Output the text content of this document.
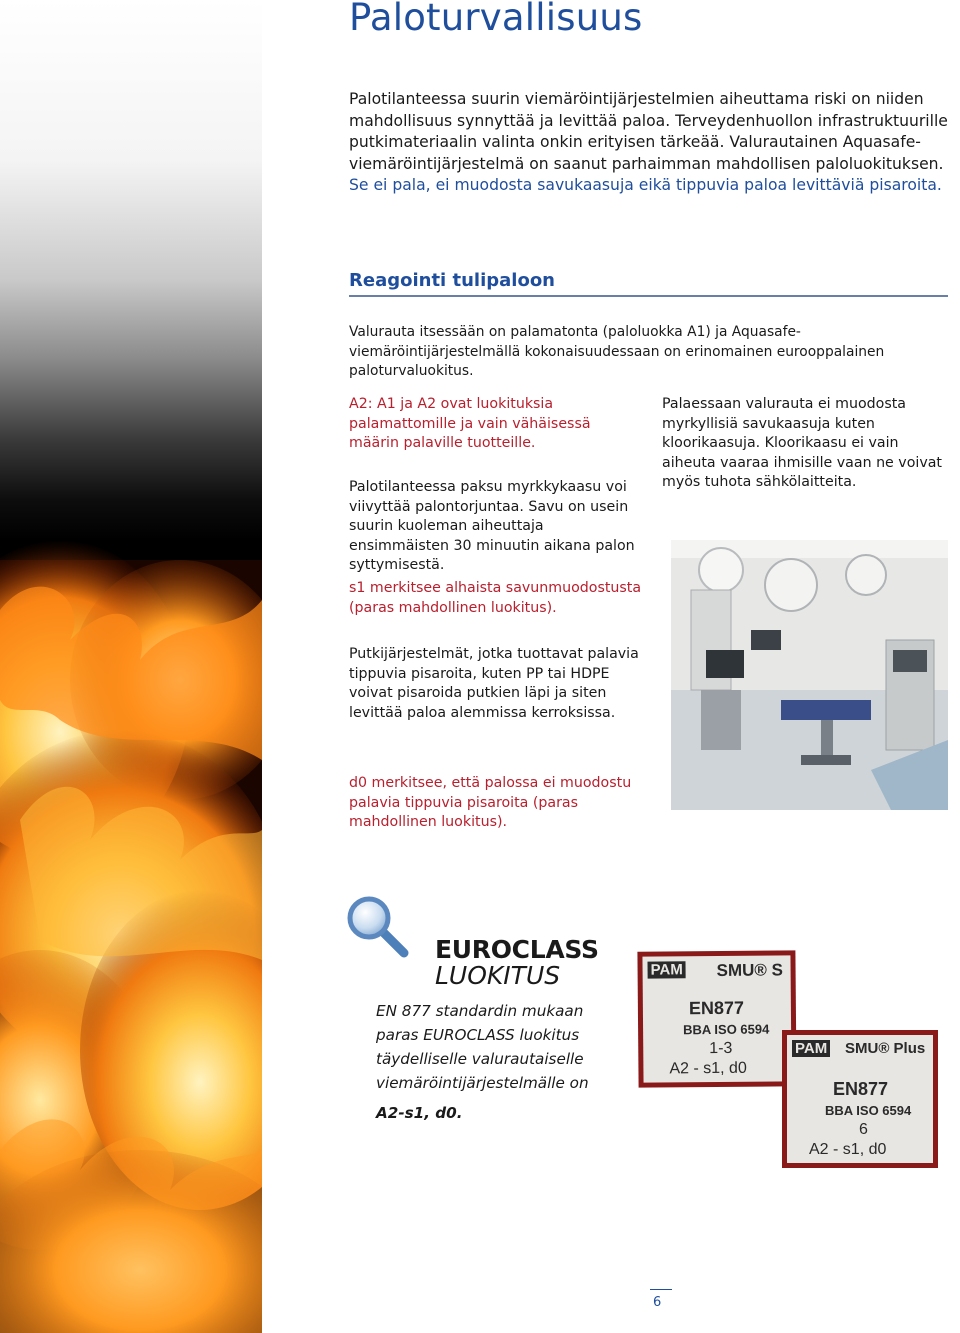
Paloturvallisuus
Palotilanteessa suurin viemäröintijärjestelmien aiheuttama riski on niiden mahdollisuus synnyttää ja levittää paloa. Terveydenhuollon infrastruktuurille putkimateriaalin valinta onkin erityisen tärkeää. Valurautainen Aquasafe-viemäröintijärjestelmä on saanut parhaimman mahdollisen paloluokituksen. Se ei pala, ei muodosta savukaasuja eikä tippuvia paloa levittäviä pisaroita.
Reagointi tulipaloon
Valurauta itsessään on palamatonta (paloluokka A1) ja Aquasafe-viemäröintijärjestelmällä kokonaisuudessaan on erinomainen eurooppalainen paloturvaluokitus.
A2: A1 ja A2 ovat luokituksia palamattomille ja vain vähäisessä määrin palaville tuotteille.
Palotilanteessa paksu myrkkykaasu voi viivyttää palontorjuntaa. Savu on usein suurin kuoleman aiheuttaja ensimmäisten 30 minuutin aikana palon syttymisestä.
s1 merkitsee alhaista savunmuodostusta (paras mahdollinen luokitus).
Putkijärjestelmät, jotka tuottavat palavia tippuvia pisaroita, kuten PP tai HDPE voivat pisaroida putkien läpi ja siten levittää paloa alemmissa kerroksissa.
d0 merkitsee, että palossa ei muodostu palavia tippuvia pisaroita (paras mahdollinen luokitus).
Palaessaan valurauta ei muodosta myrkyllisiä savukaasuja kuten kloorikaasuja. Kloorikaasu ei vain aiheuta vaaraa ihmisille vaan ne voivat myös tuhota sähkölaitteita.
EUROCLASS
LUOKITUS
EN 877 standardin mukaan paras EUROCLASS luokitus täydelliselle valurautaiselle viemäröintijärjestelmälle on
A2-s1, d0.
PAM SMU® S
EN877
BBA ISO 6594
1-3
A2 - s1, d0
PAM SMU® Plus
EN877
BBA ISO 6594
6
A2 - s1, d0
6
